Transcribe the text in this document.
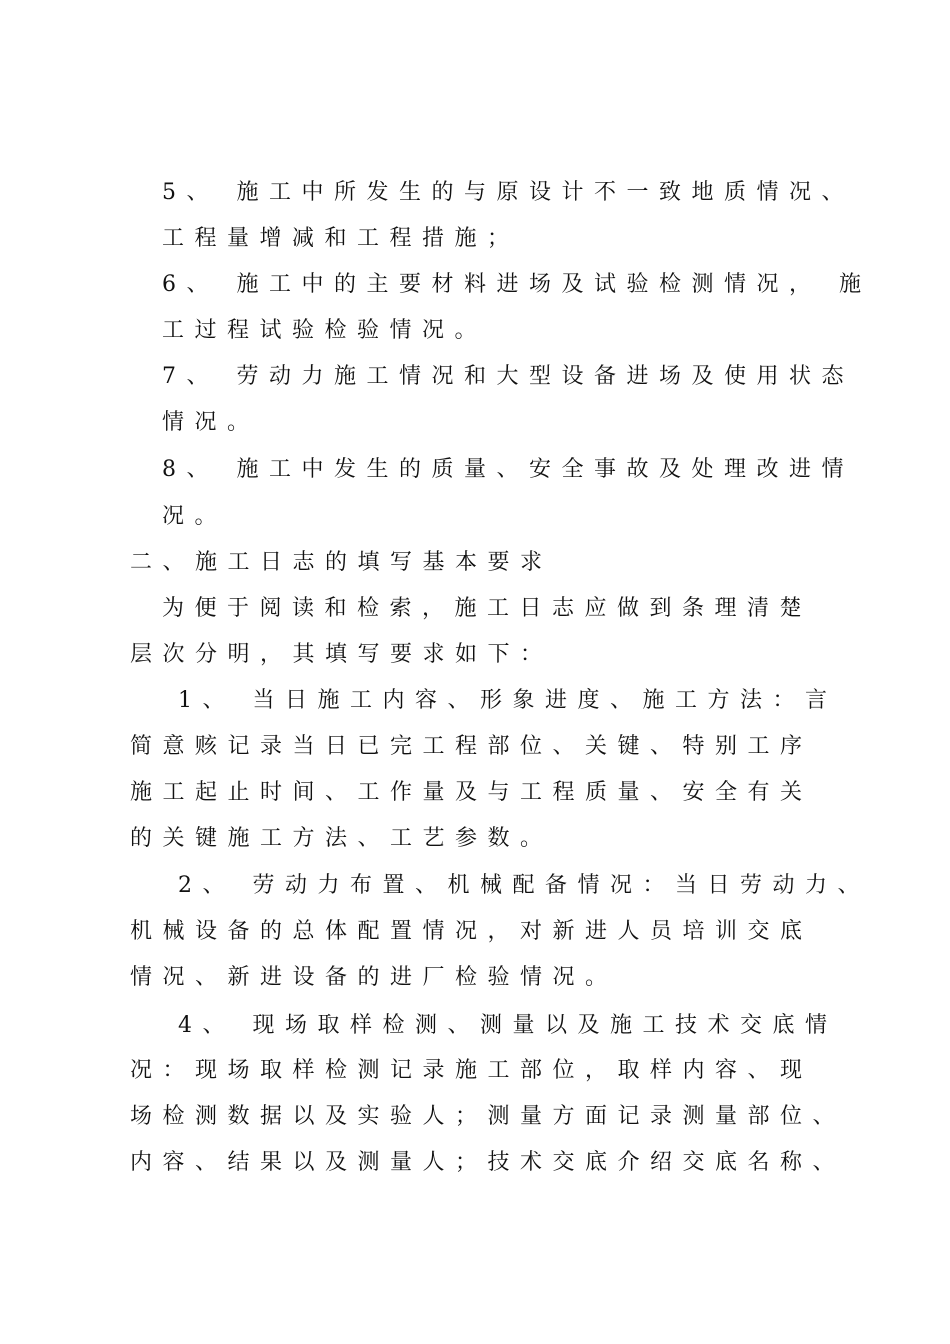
5、 施工中所发生的与原设计不一致地质情况、
工程量增减和工程措施；
6、 施工中的主要材料进场及试验检测情况， 施
工过程试验检验情况。
7、 劳动力施工情况和大型设备进场及使用状态
情况。
8、 施工中发生的质量、安全事故及处理改进情
况。
二、施工日志的填写基本要求
为便于阅读和检索，施工日志应做到条理清楚
层次分明，其填写要求如下：
1、 当日施工内容、形象进度、施工方法：言
简意赅记录当日已完工程部位、关键、特别工序
施工起止时间、工作量及与工程质量、安全有关
的关键施工方法、工艺参数。
2、 劳动力布置、机械配备情况：当日劳动力、
机械设备的总体配置情况，对新进人员培训交底
情况、新进设备的进厂检验情况。
4、 现场取样检测、测量以及施工技术交底情
况：现场取样检测记录施工部位，取样内容、现
场检测数据以及实验人；测量方面记录测量部位、
内容、结果以及测量人；技术交底介绍交底名称、
